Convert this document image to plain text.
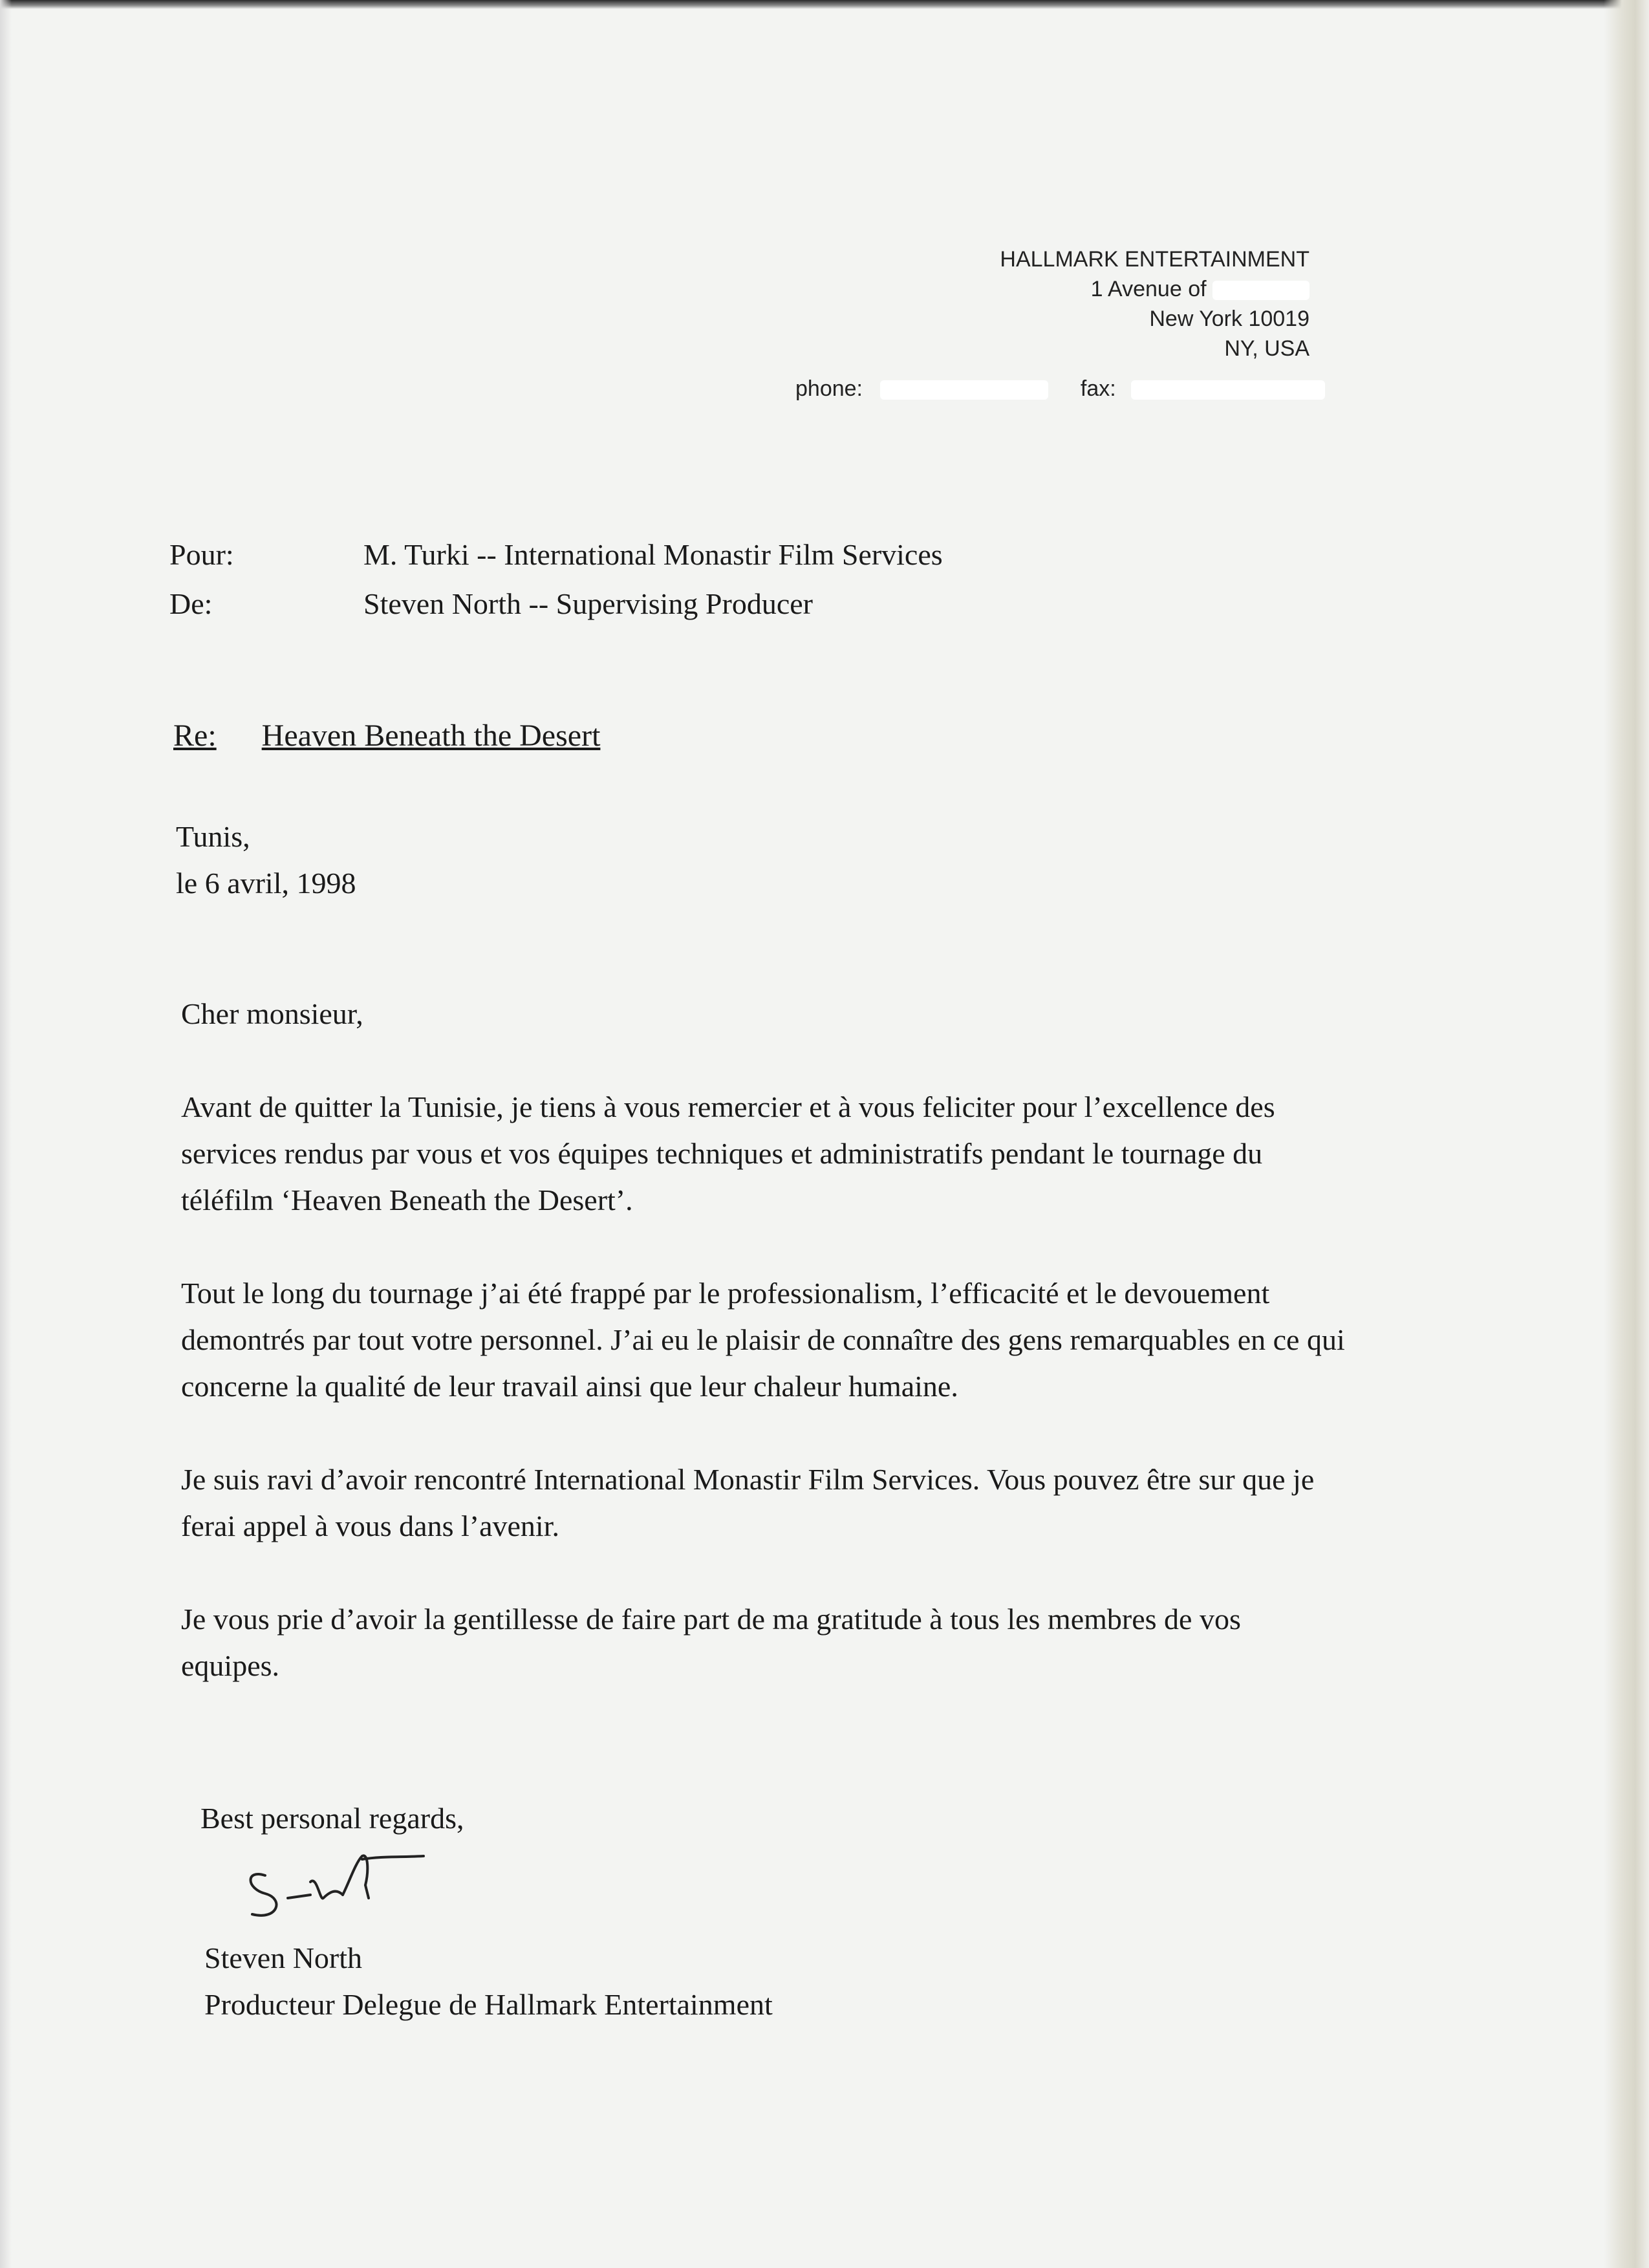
HALLMARK ENTERTAINMENT
1 Avenue of
New York 10019
NY, USA
phone:	fax:
Pour:	M. Turki -- International Monastir Film Services
De:	Steven North -- Supervising Producer
Re: Heaven Beneath the Desert
Tunis,
le 6 avril, 1998

Cher monsieur,

Avant de quitter la Tunisie, je tiens à vous remercier et à vous feliciter pour l’excellence des services rendus par vous et vos équipes techniques et administratifs pendant le tournage du téléfilm ‘Heaven Beneath the Desert’.

Tout le long du tournage j’ai été frappé par le professionalism, l’efficacité et le devouement demontrés par tout votre personnel. J’ai eu le plaisir de connaître des gens remarquables en ce qui concerne la qualité de leur travail ainsi que leur chaleur humaine.

Je suis ravi d’avoir rencontré International Monastir Film Services. Vous pouvez être sur que je ferai appel à vous dans l’avenir.

Je vous prie d’avoir la gentillesse de faire part de ma gratitude à tous les membres de vos equipes.

Best personal regards,
Steven North
Producteur Delegue de Hallmark Entertainment
